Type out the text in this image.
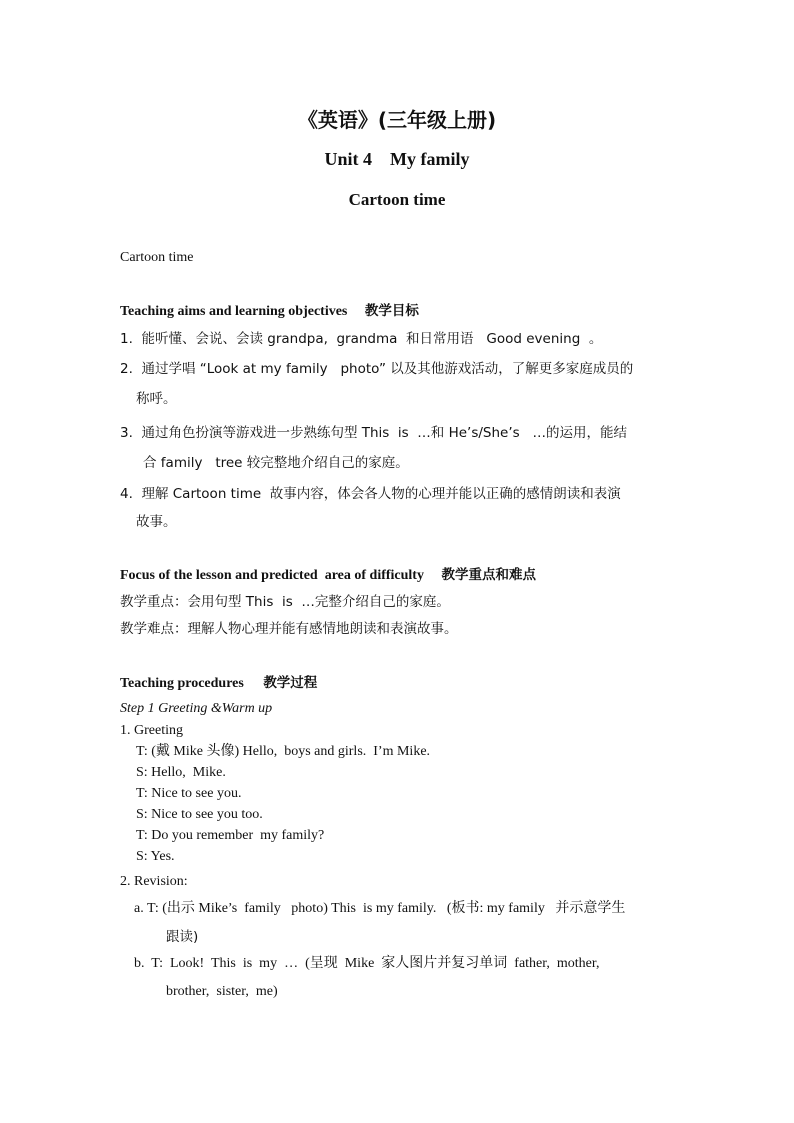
《英语》(三年级上册)
Unit 4    My family
Cartoon time
Cartoon time
Teaching aims and learning objectives 教学目标
1.  能听懂、会说、会读 grandpa,  grandma  和日常用语   Good evening  。
2.  通过学唱 “Look at my family   photo” 以及其他游戏活动，了解更多家庭成员的
称呼。
3.  通过角色扮演等游戏进一步熟练句型 This  is  …和 He’s/She’s   …的运用，能结
合 family   tree 较完整地介绍自己的家庭。
4.  理解 Cartoon time  故事内容，体会各人物的心理并能以正确的感情朗读和表演
故事。
Focus of the lesson and predicted  area of difficulty 教学重点和难点
教学重点：会用句型 This  is  …完整介绍自己的家庭。
教学难点：理解人物心理并能有感情地朗读和表演故事。
Teaching procedures 教学过程
Step 1 Greeting &Warm up
1. Greeting
T: (戴 Mike 头像) Hello,  boys and girls.  I’m Mike.
S: Hello,  Mike.
T: Nice to see you.
S: Nice to see you too.
T: Do you remember  my family?
S: Yes.
2. Revision:
a. T: (出示 Mike’s  family   photo) This  is my family.   (板书: my family   并示意学生
跟读)
b.  T:  Look!  This  is  my  …  (呈现  Mike  家人图片并复习单词  father,  mother,
brother,  sister,  me)
